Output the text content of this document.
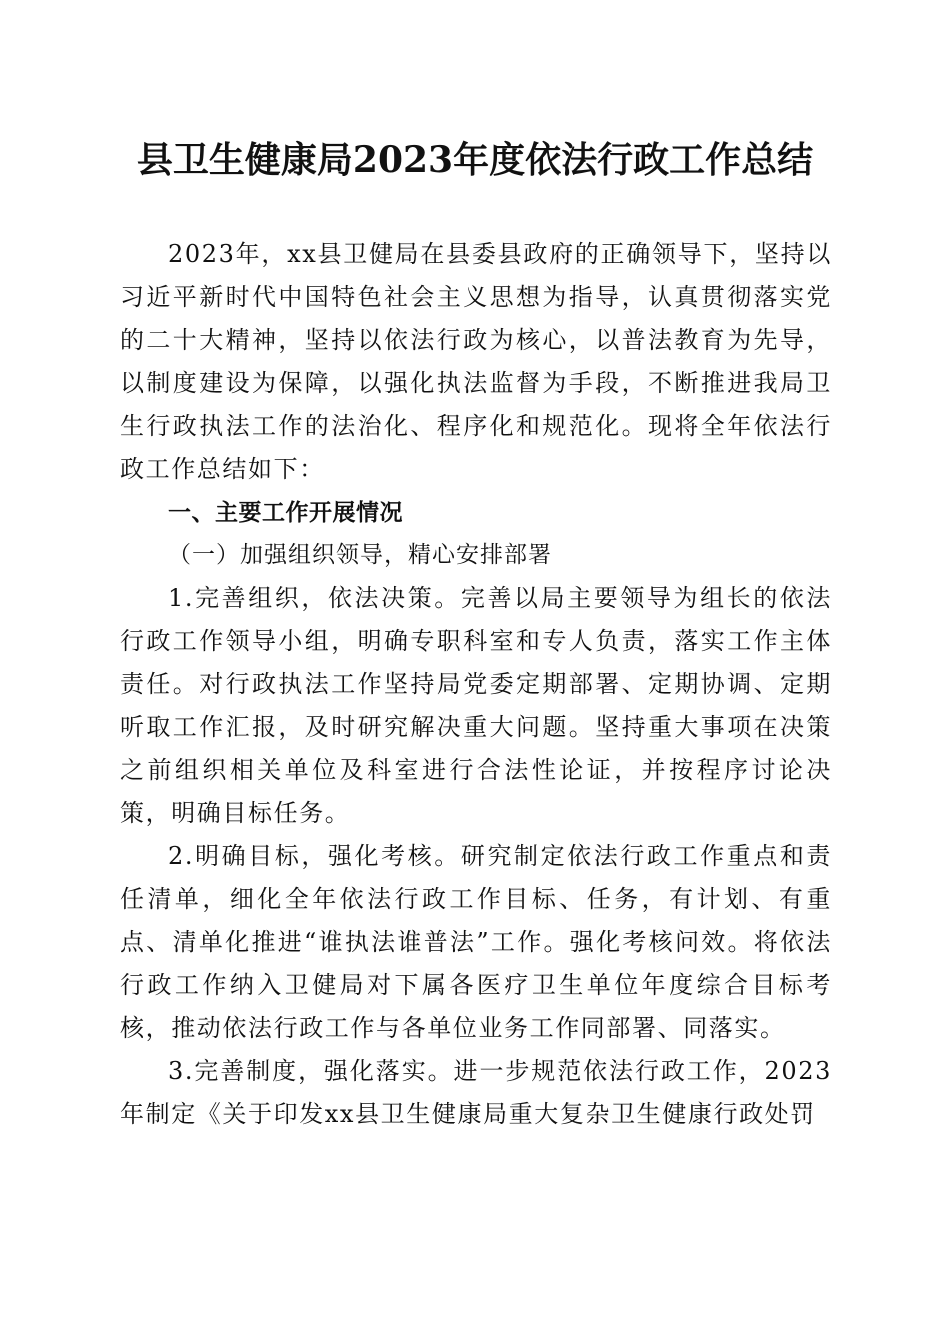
县卫生健康局2023年度依法行政工作总结

2023年，xx县卫健局在县委县政府的正确领导下，坚持以习近平新时代中国特色社会主义思想为指导，认真贯彻落实党的二十大精神，坚持以依法行政为核心，以普法教育为先导，以制度建设为保障，以强化执法监督为手段，不断推进我局卫生行政执法工作的法治化、程序化和规范化。现将全年依法行政工作总结如下：

一、主要工作开展情况
（一）加强组织领导，精心安排部署

1.完善组织，依法决策。完善以局主要领导为组长的依法行政工作领导小组，明确专职科室和专人负责，落实工作主体责任。对行政执法工作坚持局党委定期部署、定期协调、定期听取工作汇报，及时研究解决重大问题。坚持重大事项在决策之前组织相关单位及科室进行合法性论证，并按程序讨论决策，明确目标任务。

2.明确目标，强化考核。研究制定依法行政工作重点和责任清单，细化全年依法行政工作目标、任务，有计划、有重点、清单化推进“谁执法谁普法”工作。强化考核问效。将依法行政工作纳入卫健局对下属各医疗卫生单位年度综合目标考核，推动依法行政工作与各单位业务工作同部署、同落实。

3.完善制度，强化落实。进一步规范依法行政工作，2023年制定《关于印发xx县卫生健康局重大复杂卫生健康行政处罚
